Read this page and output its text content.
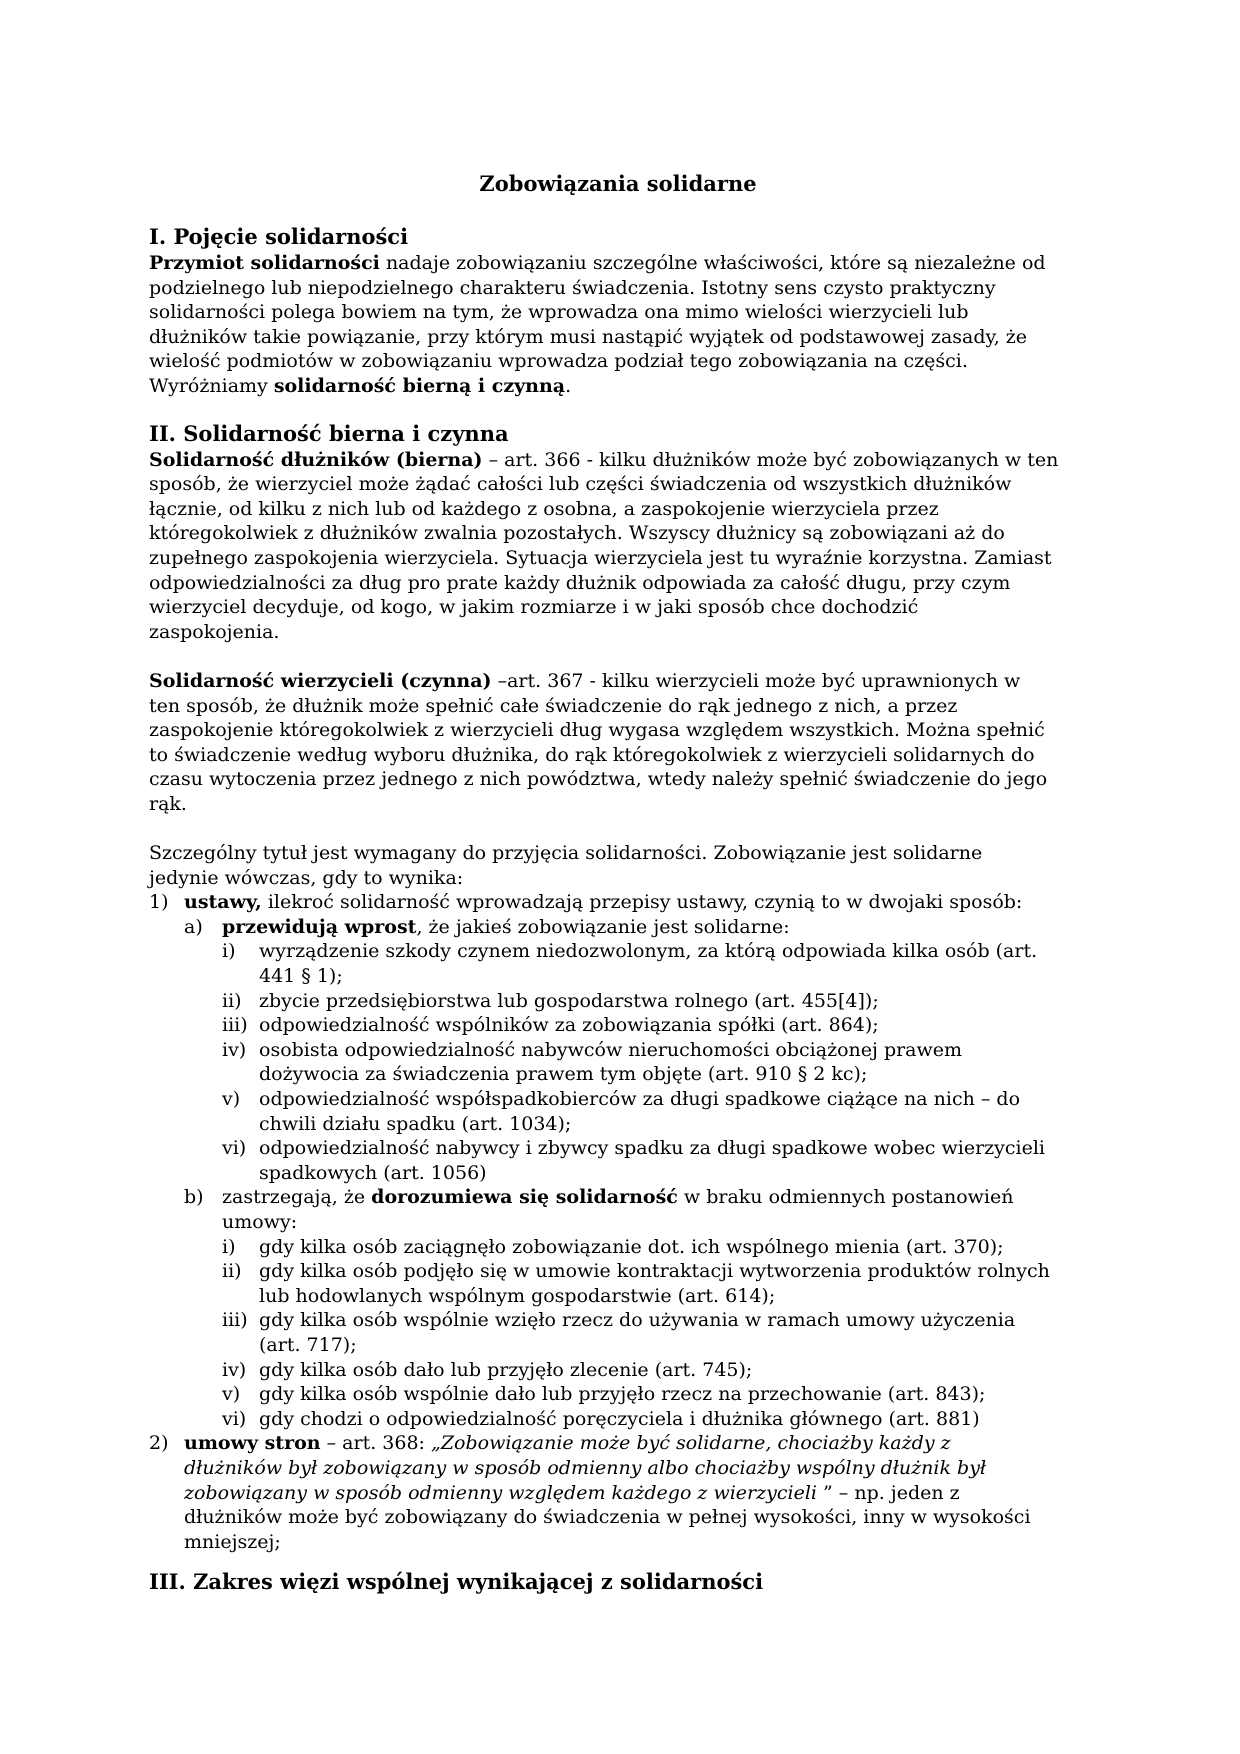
Zobowiązania solidarne
I. Pojęcie solidarności
Przymiot solidarności nadaje zobowiązaniu szczególne właściwości, które są niezależne od
podzielnego lub niepodzielnego charakteru świadczenia. Istotny sens czysto praktyczny
solidarności polega bowiem na tym, że wprowadza ona mimo wielości wierzycieli lub
dłużników takie powiązanie, przy którym musi nastąpić wyjątek od podstawowej zasady, że
wielość podmiotów w zobowiązaniu wprowadza podział tego zobowiązania na części.
Wyróżniamy solidarność bierną i czynną.
II. Solidarność bierna i czynna
Solidarność dłużników (bierna) – art. 366 - kilku dłużników może być zobowiązanych w ten
sposób, że wierzyciel może żądać całości lub części świadczenia od wszystkich dłużników
łącznie, od kilku z nich lub od każdego z osobna, a zaspokojenie wierzyciela przez
któregokolwiek z dłużników zwalnia pozostałych. Wszyscy dłużnicy są zobowiązani aż do
zupełnego zaspokojenia wierzyciela. Sytuacja wierzyciela jest tu wyraźnie korzystna. Zamiast
odpowiedzialności za dług pro prate każdy dłużnik odpowiada za całość długu, przy czym
wierzyciel decyduje, od kogo, w jakim rozmiarze i w jaki sposób chce dochodzić
zaspokojenia.
Solidarność wierzycieli (czynna) –art. 367 - kilku wierzycieli może być uprawnionych w
ten sposób, że dłużnik może spełnić całe świadczenie do rąk jednego z nich, a przez
zaspokojenie któregokolwiek z wierzycieli dług wygasa względem wszystkich. Można spełnić
to świadczenie według wyboru dłużnika, do rąk któregokolwiek z wierzycieli solidarnych do
czasu wytoczenia przez jednego z nich powództwa, wtedy należy spełnić świadczenie do jego
rąk.
Szczególny tytuł jest wymagany do przyjęcia solidarności. Zobowiązanie jest solidarne
jedynie wówczas, gdy to wynika:
1) ustawy, ilekroć solidarność wprowadzają przepisy ustawy, czynią to w dwojaki sposób:
a) przewidują wprost, że jakieś zobowiązanie jest solidarne:
i) wyrządzenie szkody czynem niedozwolonym, za którą odpowiada kilka osób (art.
441 § 1);
ii) zbycie przedsiębiorstwa lub gospodarstwa rolnego (art. 455[4]);
iii) odpowiedzialność wspólników za zobowiązania spółki (art. 864);
iv) osobista odpowiedzialność nabywców nieruchomości obciążonej prawem
dożywocia za świadczenia prawem tym objęte (art. 910 § 2 kc);
v) odpowiedzialność współspadkobierców za długi spadkowe ciążące na nich – do
chwili działu spadku (art. 1034);
vi) odpowiedzialność nabywcy i zbywcy spadku za długi spadkowe wobec wierzycieli
spadkowych (art. 1056)
b) zastrzegają, że dorozumiewa się solidarność w braku odmiennych postanowień
umowy:
i) gdy kilka osób zaciągnęło zobowiązanie dot. ich wspólnego mienia (art. 370);
ii) gdy kilka osób podjęło się w umowie kontraktacji wytworzenia produktów rolnych
lub hodowlanych wspólnym gospodarstwie (art. 614);
iii) gdy kilka osób wspólnie wzięło rzecz do używania w ramach umowy użyczenia
(art. 717);
iv) gdy kilka osób dało lub przyjęło zlecenie (art. 745);
v) gdy kilka osób wspólnie dało lub przyjęło rzecz na przechowanie (art. 843);
vi) gdy chodzi o odpowiedzialność poręczyciela i dłużnika głównego (art. 881)
2) umowy stron – art. 368: „Zobowiązanie może być solidarne, chociażby każdy z
dłużników był zobowiązany w sposób odmienny albo chociażby wspólny dłużnik był
zobowiązany w sposób odmienny względem każdego z wierzycieli ” – np. jeden z
dłużników może być zobowiązany do świadczenia w pełnej wysokości, inny w wysokości
mniejszej;
III. Zakres więzi wspólnej wynikającej z solidarności
